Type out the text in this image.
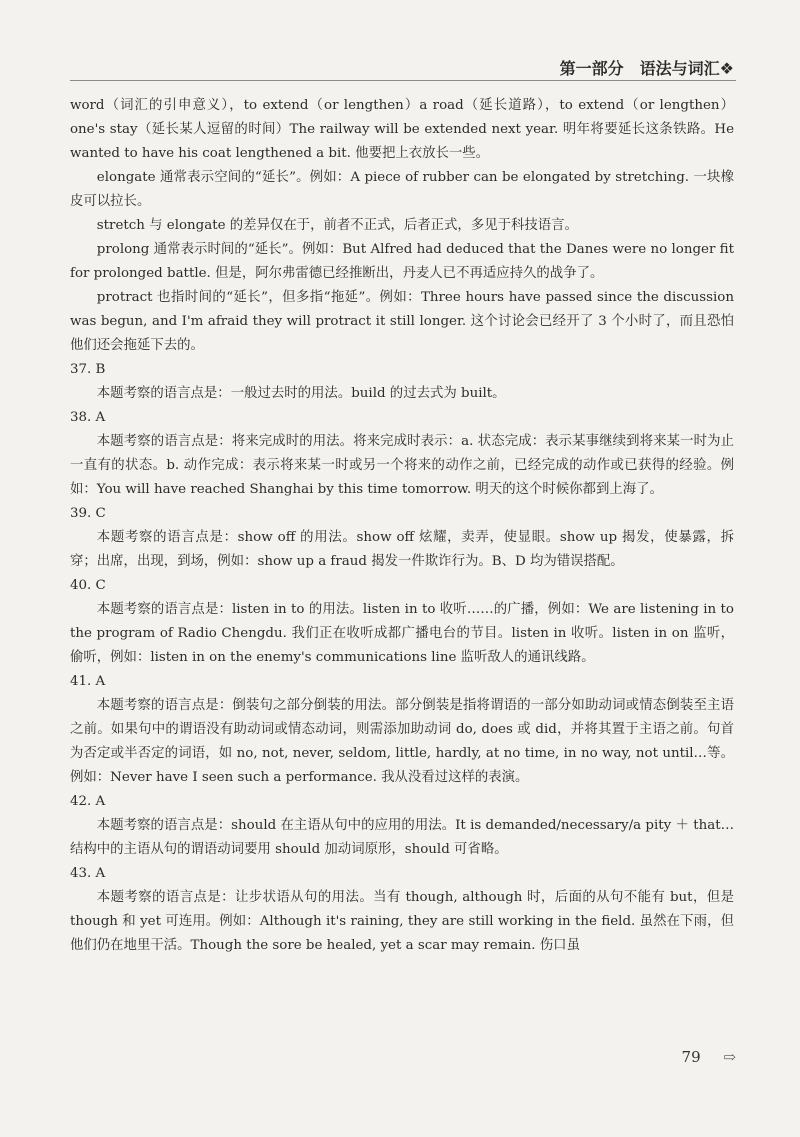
第一部分　语法与词汇❖

word（词汇的引申意义），to extend（or lengthen）a road（延长道路），to extend（or lengthen）one's stay（延长某人逗留的时间）The railway will be extended next year. 明年将要延长这条铁路。He wanted to have his coat lengthened a bit. 他要把上衣放长一些。

elongate 通常表示空间的“延长”。例如：A piece of rubber can be elongated by stretching. 一块橡皮可以拉长。

stretch 与 elongate 的差异仅在于，前者不正式，后者正式，多见于科技语言。

prolong 通常表示时间的“延长”。例如：But Alfred had deduced that the Danes were no longer fit for prolonged battle. 但是，阿尔弗雷德已经推断出，丹麦人已不再适应持久的战争了。

protract 也指时间的“延长”，但多指“拖延”。例如：Three hours have passed since the discussion was begun, and I'm afraid they will protract it still longer. 这个讨论会已经开了 3 个小时了，而且恐怕他们还会拖延下去的。

37. B

本题考察的语言点是：一般过去时的用法。build 的过去式为 built。

38. A

本题考察的语言点是：将来完成时的用法。将来完成时表示：a. 状态完成：表示某事继续到将来某一时为止一直有的状态。b. 动作完成：表示将来某一时或另一个将来的动作之前，已经完成的动作或已获得的经验。例如：You will have reached Shanghai by this time tomorrow. 明天的这个时候你都到上海了。

39. C

本题考察的语言点是：show off 的用法。show off 炫耀，卖弄，使显眼。show up 揭发，使暴露，拆穿；出席，出现，到场，例如：show up a fraud 揭发一件欺诈行为。B、D 均为错误搭配。

40. C

本题考察的语言点是：listen in to 的用法。listen in to 收听……的广播，例如：We are listening in to the program of Radio Chengdu. 我们正在收听成都广播电台的节目。listen in 收听。listen in on 监听，偷听，例如：listen in on the enemy's communications line 监听敌人的通讯线路。

41. A

本题考察的语言点是：倒装句之部分倒装的用法。部分倒装是指将谓语的一部分如助动词或情态倒装至主语之前。如果句中的谓语没有助动词或情态动词，则需添加助动词 do, does 或 did，并将其置于主语之前。句首为否定或半否定的词语，如 no, not, never, seldom, little, hardly, at no time, in no way, not until…等。例如：Never have I seen such a performance. 我从没看过这样的表演。

42. A

本题考察的语言点是：should 在主语从句中的应用的用法。It is demanded/necessary/a pity ＋ that…结构中的主语从句的谓语动词要用 should 加动词原形，should 可省略。

43. A

本题考察的语言点是：让步状语从句的用法。当有 though, although 时，后面的从句不能有 but，但是 though 和 yet 可连用。例如：Although it's raining, they are still working in the field. 虽然在下雨，但他们仍在地里干活。Though the sore be healed, yet a scar may remain. 伤口虽

79 ⇨
